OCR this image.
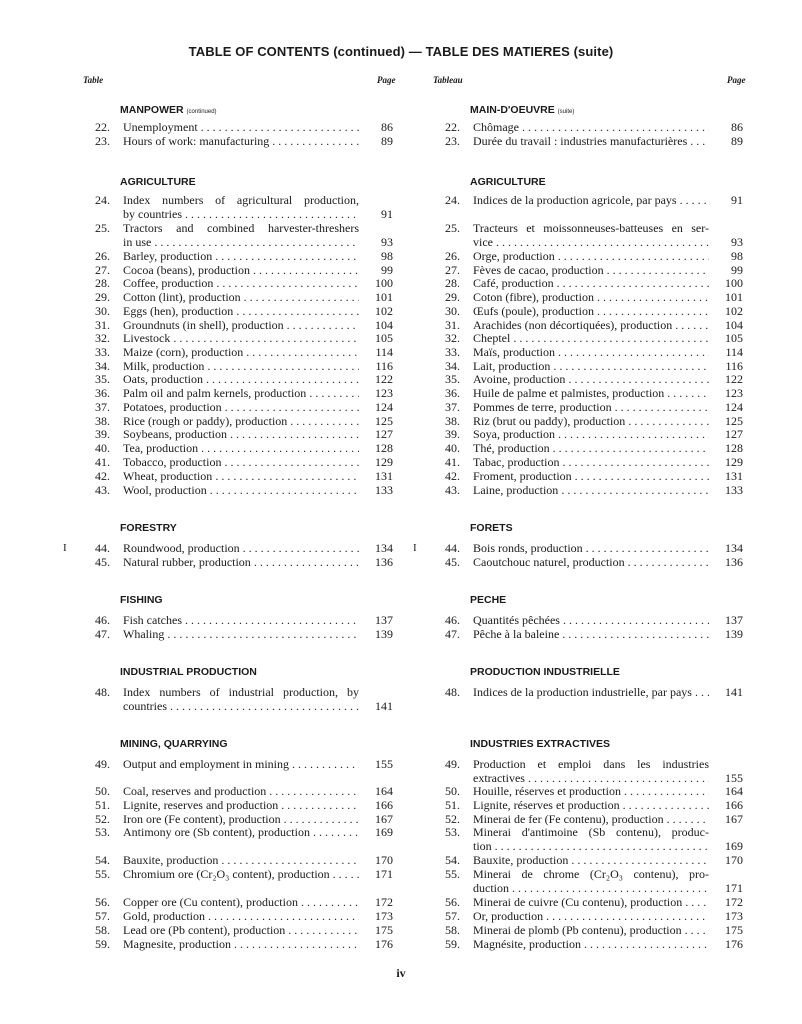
TABLE OF CONTENTS (continued) — TABLE DES MATIERES (suite)
Table	Page	Tableau	Page
MANPOWER (continued)
22. Unemployment . . .	86
23. Hours of work: manufacturing . . .	89
AGRICULTURE
24. Index numbers of agricultural production,
by countries . . .	91
25. Tractors and combined harvester-threshers
in use . . .	93
26. Barley, production . . .	98
27. Cocoa (beans), production . . .	99
28. Coffee, production . . .	100
29. Cotton (lint), production . . .	101
30. Eggs (hen), production . . .	102
31. Groundnuts (in shell), production . . .	104
32. Livestock . . .	105
33. Maize (corn), production . . .	114
34. Milk, production . . .	116
35. Oats, production . . .	122
36. Palm oil and palm kernels, production . . .	123
37. Potatoes, production . . .	124
38. Rice (rough or paddy), production . . .	125
39. Soybeans, production . . .	127
40. Tea, production . . .	128
41. Tobacco, production . . .	129
42. Wheat, production . . .	131
43. Wool, production . . .	133
FORESTRY
I 44. Roundwood, production . . .	134
45. Natural rubber, production . . .	136
FISHING
46. Fish catches . . .	137
47. Whaling . . .	139
INDUSTRIAL PRODUCTION
48. Index numbers of industrial production, by
countries . . .	141
MINING, QUARRYING
49. Output and employment in mining . . .	155
50. Coal, reserves and production . . .	164
51. Lignite, reserves and production . . .	166
52. Iron ore (Fe content), production . . .	167
53. Antimony ore (Sb content), production . . .	169
54. Bauxite, production . . .	170
55. Chromium ore (Cr₂O₃ content), production . . .	171
56. Copper ore (Cu content), production . . .	172
57. Gold, production . . .	173
58. Lead ore (Pb content), production . . .	175
59. Magnesite, production . . .	176
MAIN-D'OEUVRE (suite)
22. Chômage . . .	86
23. Durée du travail : industries manufacturières . . .	89
AGRICULTURE
24. Indices de la production agricole, par pays . . .	91
25. Tracteurs et moissonneuses-batteuses en ser-
vice . . .	93
26. Orge, production . . .	98
27. Fèves de cacao, production . . .	99
28. Café, production . . .	100
29. Coton (fibre), production . . .	101
30. Œufs (poule), production . . .	102
31. Arachides (non décortiquées), production . . .	104
32. Cheptel . . .	105
33. Maïs, production . . .	114
34. Lait, production . . .	116
35. Avoine, production . . .	122
36. Huile de palme et palmistes, production . . .	123
37. Pommes de terre, production . . .	124
38. Riz (brut ou paddy), production . . .	125
39. Soya, production . . .	127
40. Thé, production . . .	128
41. Tabac, production . . .	129
42. Froment, production . . .	131
43. Laine, production . . .	133
FORETS
I 44. Bois ronds, production . . .	134
45. Caoutchouc naturel, production . . .	136
PECHE
46. Quantités pêchées . . .	137
47. Pêche à la baleine . . .	139
PRODUCTION INDUSTRIELLE
48. Indices de la production industrielle, par pays . . .	141
INDUSTRIES EXTRACTIVES
49. Production et emploi dans les industries
extractives . . .	155
50. Houille, réserves et production . . .	164
51. Lignite, réserves et production . . .	166
52. Minerai de fer (Fe contenu), production . . .	167
53. Minerai d'antimoine (Sb contenu), produc-
tion . . .	169
54. Bauxite, production . . .	170
55. Minerai de chrome (Cr₂O₃ contenu), pro-
duction . . .	171
56. Minerai de cuivre (Cu contenu), production . . .	172
57. Or, production . . .	173
58. Minerai de plomb (Pb contenu), production . . .	175
59. Magnésite, production . . .	176
iv
